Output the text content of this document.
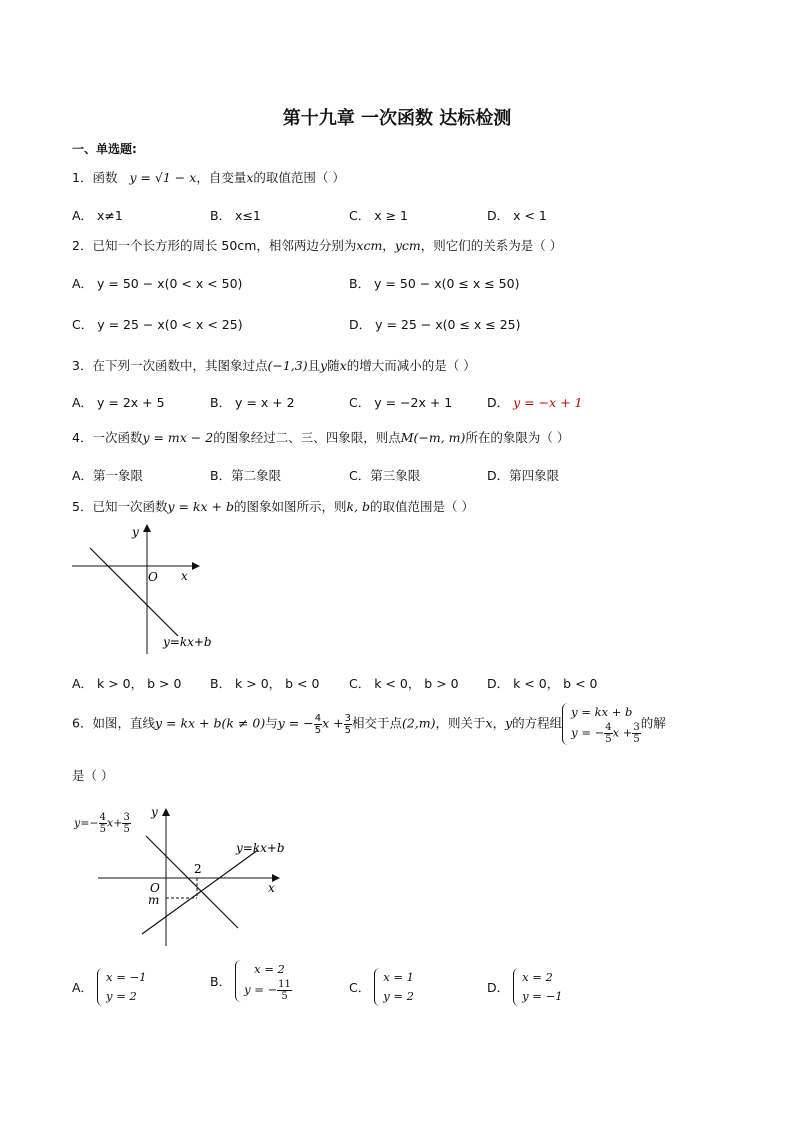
第十九章 一次函数 达标检测
一、单选题:
1．函数 y = √1 − x，自变量x的取值范围（ ）
A． x≠1	B． x≤1	C． x ≥ 1	D． x < 1
2．已知一个长方形的周长 50cm，相邻两边分别为xcm，ycm，则它们的关系为是（ ）
A． y = 50 − x(0 < x < 50)	B． y = 50 − x(0 ≤ x ≤ 50)
C． y = 25 − x(0 < x < 25)	D． y = 25 − x(0 ≤ x ≤ 25)
3．在下列一次函数中，其图象过点(−1,3)且y随x的增大而减小的是（ ）
A． y = 2x + 5	B． y = x + 2	C． y = −2x + 1	D． y = −x + 1
4．一次函数y = mx − 2的图象经过二、三、四象限，则点M(−m, m)所在的象限为（ ）
A．第一象限	B．第二象限	C．第三象限	D．第四象限
5．已知一次函数y = kx + b的图象如图所示，则k, b的取值范围是（ ）
y
x
O
y=kx+b
A． k > 0， b > 0 B． k > 0， b < 0 C． k < 0， b > 0 D． k < 0， b < 0
6．如图，直线y = kx + b(k ≠ 0)与y = − $\frac{4}{5}$ $x + \frac{3}{5}$ 相交于点(2,m)，则关于x，y的方程组
y = kx + b
y = − $\frac{4}{5}$ $x + \frac{3}{5}$ 的解
是（ ）
y
x
O
2
m
y=kx+b
$y=- \frac{4}{5} x+ \frac{3}{5}$
A．
x = −1
y = 2
B．
x = 2
y = − $\frac{11}{5}$	C．
x = 1
y = 2
D．
x = 2
y = −1
